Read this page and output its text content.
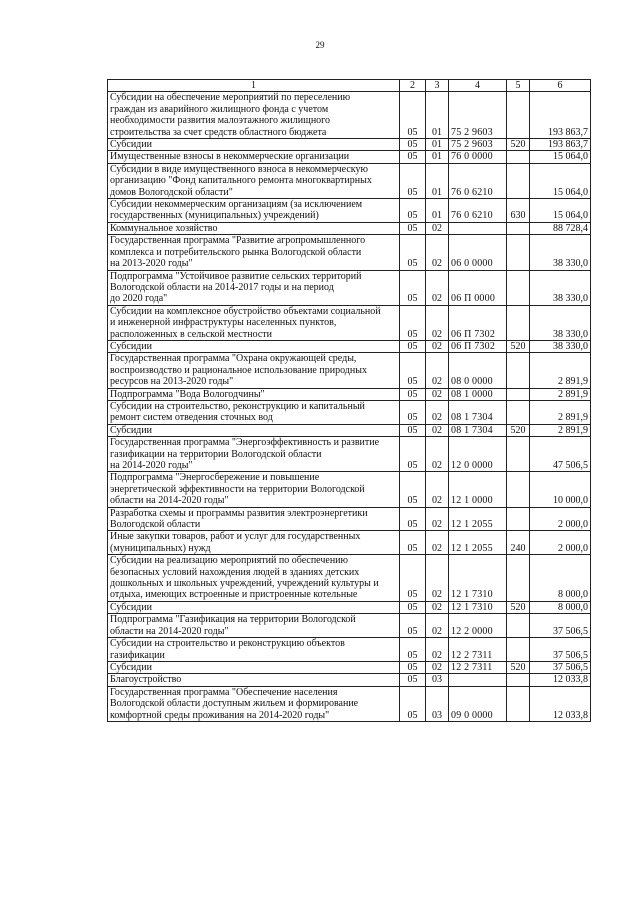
29
1	2	3	4	5	6

Субсидии на обеспечение мероприятий по переселению
граждан из аварийного жилищного фонда с учетом
необходимости развития малоэтажного жилищного
строительства за счет средств областного бюджета	05	01	75 2 9603		193 863,7

Субсидии	05	01	75 2 9603	520	193 863,7

Имущественные взносы в некоммерческие организации	05	01	76 0 0000		15 064,0

Субсидии в виде имущественного взноса в некоммерческую
организацию "Фонд капитального ремонта многоквартирных
домов Вологодской области"	05	01	76 0 6210		15 064,0

Субсидии некоммерческим организациям (за исключением
государственных (муниципальных) учреждений)	05	01	76 0 6210	630	15 064,0

Коммунальное хозяйство	05	02			88 728,4

Государственная программа "Развитие агропромышленного
комплекса и потребительского рынка Вологодской области
на 2013-2020 годы"	05	02	06 0 0000		38 330,0

Подпрограмма "Устойчивое развитие сельских территорий
Вологодской области на 2014-2017 годы и на период
до 2020 года"	05	02	06 П 0000		38 330,0

Субсидии на комплексное обустройство объектами социальной
и инженерной инфраструктуры населенных пунктов,
расположенных в сельской местности	05	02	06 П 7302		38 330,0

Субсидии	05	02	06 П 7302	520	38 330,0

Государственная программа "Охрана окружающей среды,
воспроизводство и рациональное использование природных
ресурсов на 2013-2020 годы"	05	02	08 0 0000		2 891,9

Подпрограмма "Вода Вологодчины"	05	02	08 1 0000		2 891,9

Субсидии на строительство, реконструкцию и капитальный
ремонт систем отведения сточных вод	05	02	08 1 7304		2 891,9

Субсидии	05	02	08 1 7304	520	2 891,9

Государственная программа "Энергоэффективность и развитие
газификации на территории Вологодской области
на 2014-2020 годы"	05	02	12 0 0000		47 506,5

Подпрограмма "Энергосбережение и повышение
энергетической эффективности на территории Вологодской
области на 2014-2020 годы"	05	02	12 1 0000		10 000,0

Разработка схемы и программы развития электроэнергетики
Вологодской области	05	02	12 1 2055		2 000,0

Иные закупки товаров, работ и услуг для государственных
(муниципальных) нужд	05	02	12 1 2055	240	2 000,0

Субсидии на реализацию мероприятий по обеспечению
безопасных условий нахождения людей в зданиях детских
дошкольных и школьных учреждений, учреждений культуры и
отдыха, имеющих встроенные и пристроенные котельные	05	02	12 1 7310		8 000,0

Субсидии	05	02	12 1 7310	520	8 000,0

Подпрограмма "Газификация на территории Вологодской
области на 2014-2020 годы"	05	02	12 2 0000		37 506,5

Субсидии на строительство и реконструкцию объектов
газификации	05	02	12 2 7311		37 506,5

Субсидии	05	02	12 2 7311	520	37 506,5

Благоустройство	05	03			12 033,8

Государственная программа "Обеспечение населения
Вологодской области доступным жильем и формирование
комфортной среды проживания на 2014-2020 годы"	05	03	09 0 0000		12 033,8
